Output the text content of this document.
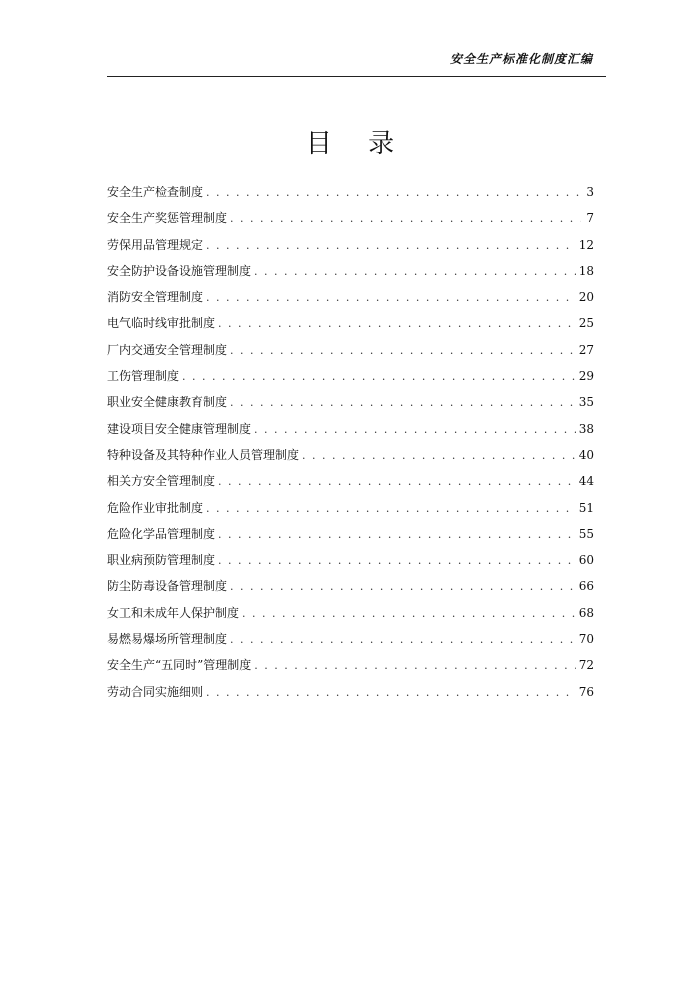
安全生产标准化制度汇编
目 录
安全生产检查制度 . . .	3
安全生产奖惩管理制度 . . .	7
劳保用品管理规定 . . .	12
安全防护设备设施管理制度 . . .	18
消防安全管理制度 . . .	20
电气临时线审批制度 . . .	25
厂内交通安全管理制度 . . .	27
工伤管理制度 . . .	29
职业安全健康教育制度 . . .	35
建设项目安全健康管理制度 . . .	38
特种设备及其特种作业人员管理制度 . . .	40
相关方安全管理制度 . . .	44
危险作业审批制度 . . .	51
危险化学品管理制度 . . .	55
职业病预防管理制度 . . .	60
防尘防毒设备管理制度 . . .	66
女工和未成年人保护制度 . . .	68
易燃易爆场所管理制度 . . .	70
安全生产“五同时”管理制度 . . .	72
劳动合同实施细则 . . .	76
